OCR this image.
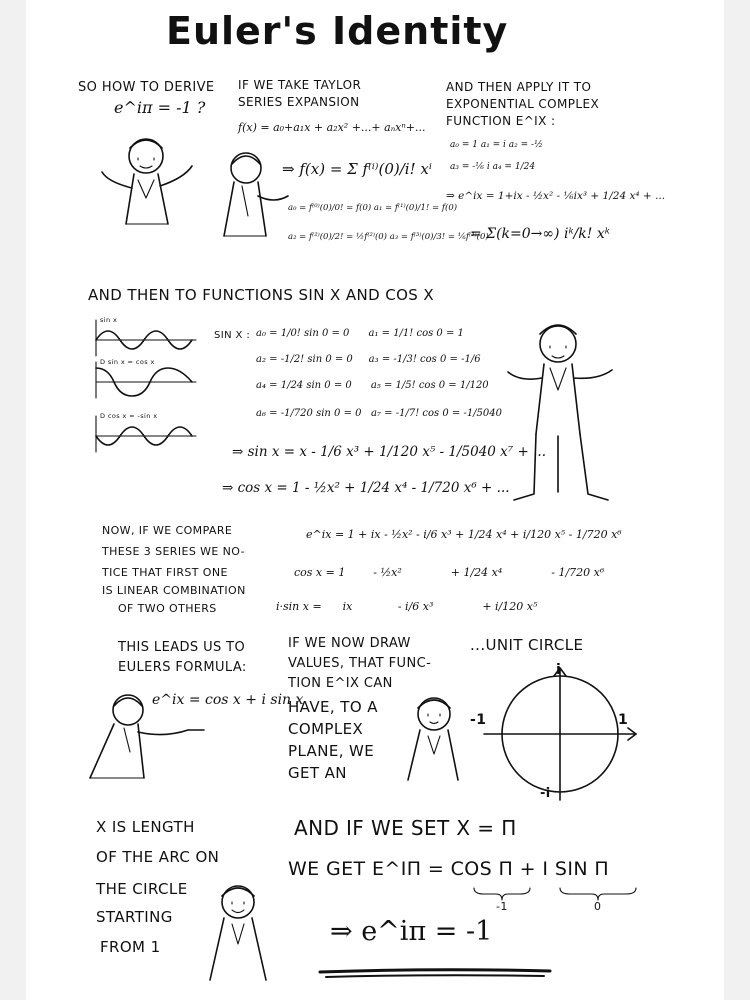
Euler's Identity
SO HOW TO DERIVE
e^iπ = -1 ?
IF WE TAKE TAYLOR
SERIES EXPANSION
f(x) = a₀+a₁x + a₂x² +...+ aₙxⁿ+...
⇒ f(x) = Σ f⁽ⁱ⁾(0)/i! xⁱ
a₀ = f⁽⁰⁾(0)/0! = f(0) a₁ = f⁽¹⁾(0)/1! = f(0)
a₂ = f⁽²⁾(0)/2! = ½f⁽²⁾(0) a₃ = f⁽³⁾(0)/3! = ⅙f⁽³⁾(0)
AND THEN APPLY IT TO
EXPONENTIAL COMPLEX
FUNCTION E^IX :
a₀ = 1 a₁ = i a₂ = -½
a₃ = -⅙ i a₄ = 1/24
⇒ e^ix = 1+ix - ½x² - ⅙ix³ + 1/24 x⁴ + ...
= Σ(k=0→∞) iᵏ/k! xᵏ
AND THEN TO FUNCTIONS SIN X AND COS X
sin x
D sin x = cos x
D cos x = -sin x
SIN X : a₀ = 1/0! sin 0 = 0      a₁ = 1/1! cos 0 = 1
a₂ = -1/2! sin 0 = 0     a₃ = -1/3! cos 0 = -1/6
a₄ = 1/24 sin 0 = 0      a₅ = 1/5! cos 0 = 1/120
a₆ = -1/720 sin 0 = 0   a₇ = -1/7! cos 0 = -1/5040
⇒ sin x = x - 1/6 x³ + 1/120 x⁵ - 1/5040 x⁷ + ...
⇒ cos x = 1 - ½x² + 1/24 x⁴ - 1/720 x⁶ + ...
NOW, IF WE COMPARE
THESE 3 SERIES WE NO-
TICE THAT FIRST ONE
IS LINEAR COMBINATION
OF TWO OTHERS
e^ix = 1 + ix - ½x² - i/6 x³ + 1/24 x⁴ + i/120 x⁵ - 1/720 x⁶
cos x = 1        - ½x²              + 1/24 x⁴              - 1/720 x⁶
i·sin x =      ix             - i/6 x³              + i/120 x⁵
THIS LEADS US TO
EULERS FORMULA:
e^ix = cos x + i sin x
IF WE NOW DRAW
VALUES, THAT FUNC-
TION E^IX CAN
HAVE, TO A
COMPLEX
PLANE, WE
GET AN
...UNIT CIRCLE
i
-1	1
-i
X IS LENGTH
OF THE ARC ON
THE CIRCLE
STARTING
FROM 1
AND IF WE SET X = Π
WE GET E^IΠ = COS Π + I SIN Π
-1	0
⇒ e^iπ = -1
